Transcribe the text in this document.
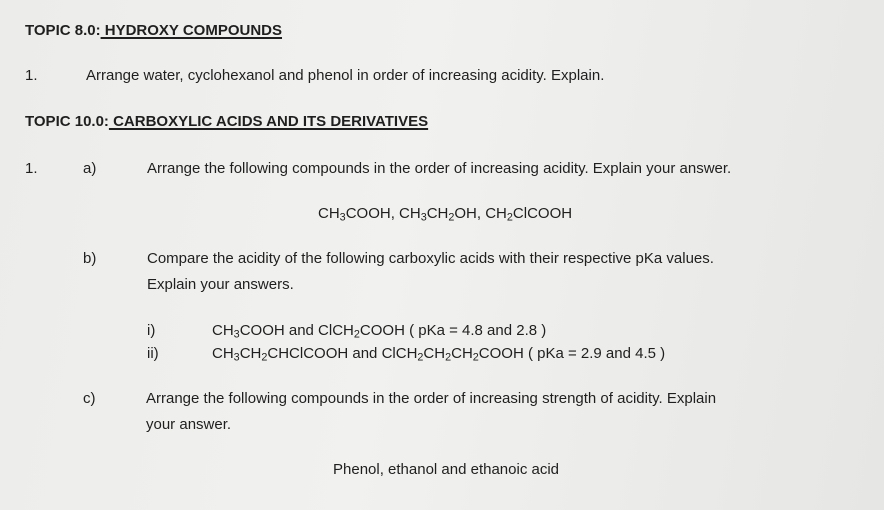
TOPIC 8.0: HYDROXY COMPOUNDS
1.	Arrange water, cyclohexanol and phenol in order of increasing acidity. Explain.
TOPIC 10.0: CARBOXYLIC ACIDS AND ITS DERIVATIVES
1.	a)	Arrange the following compounds in the order of increasing acidity. Explain your answer.
$CH_3COOH$, $CH_3CH_2OH$, $CH_2ClCOOH$
b)	Compare the acidity of the following carboxylic acids with their respective pKa values.
Explain your answers.
i)	$CH_3COOH$ and ClCH$_2$COOH ( pKa = 4.8 and 2.8 )
ii)	$CH_3CH_2CHClCOOH$ and $ClCH_2CH_2CH_2COOH$ ( pKa = 2.9 and 4.5 )
c)	Arrange the following compounds in the order of increasing strength of acidity. Explain
your answer.
Phenol, ethanol and ethanoic acid
